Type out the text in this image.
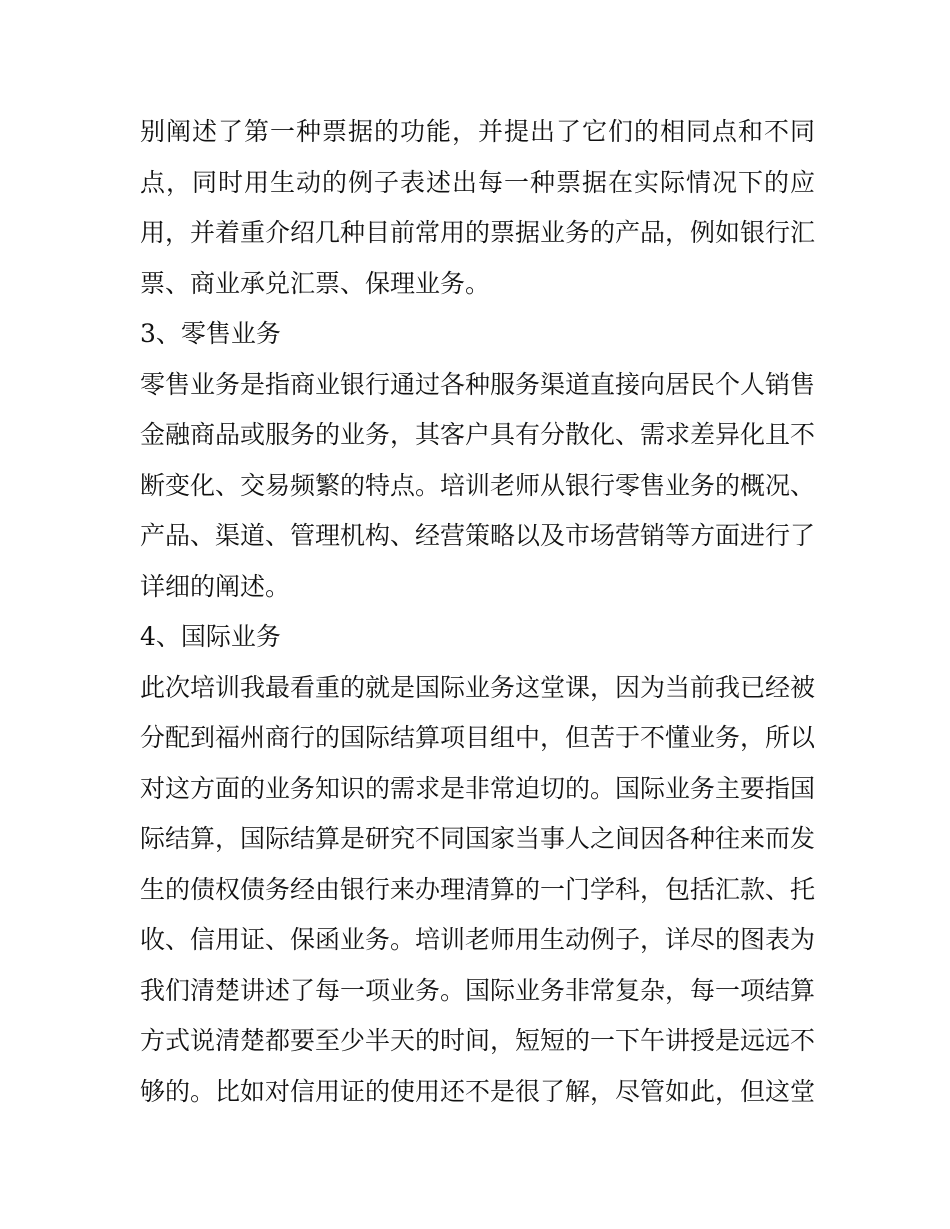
别阐述了第一种票据的功能，并提出了它们的相同点和不同
点，同时用生动的例子表述出每一种票据在实际情况下的应
用，并着重介绍几种目前常用的票据业务的产品，例如银行汇
票、商业承兑汇票、保理业务。
3、零售业务
零售业务是指商业银行通过各种服务渠道直接向居民个人销售
金融商品或服务的业务，其客户具有分散化、需求差异化且不
断变化、交易频繁的特点。培训老师从银行零售业务的概况、
产品、渠道、管理机构、经营策略以及市场营销等方面进行了
详细的阐述。
4、国际业务
此次培训我最看重的就是国际业务这堂课，因为当前我已经被
分配到福州商行的国际结算项目组中，但苦于不懂业务，所以
对这方面的业务知识的需求是非常迫切的。国际业务主要指国
际结算，国际结算是研究不同国家当事人之间因各种往来而发
生的债权债务经由银行来办理清算的一门学科，包括汇款、托
收、信用证、保函业务。培训老师用生动例子，详尽的图表为
我们清楚讲述了每一项业务。国际业务非常复杂，每一项结算
方式说清楚都要至少半天的时间，短短的一下午讲授是远远不
够的。比如对信用证的使用还不是很了解，尽管如此，但这堂
